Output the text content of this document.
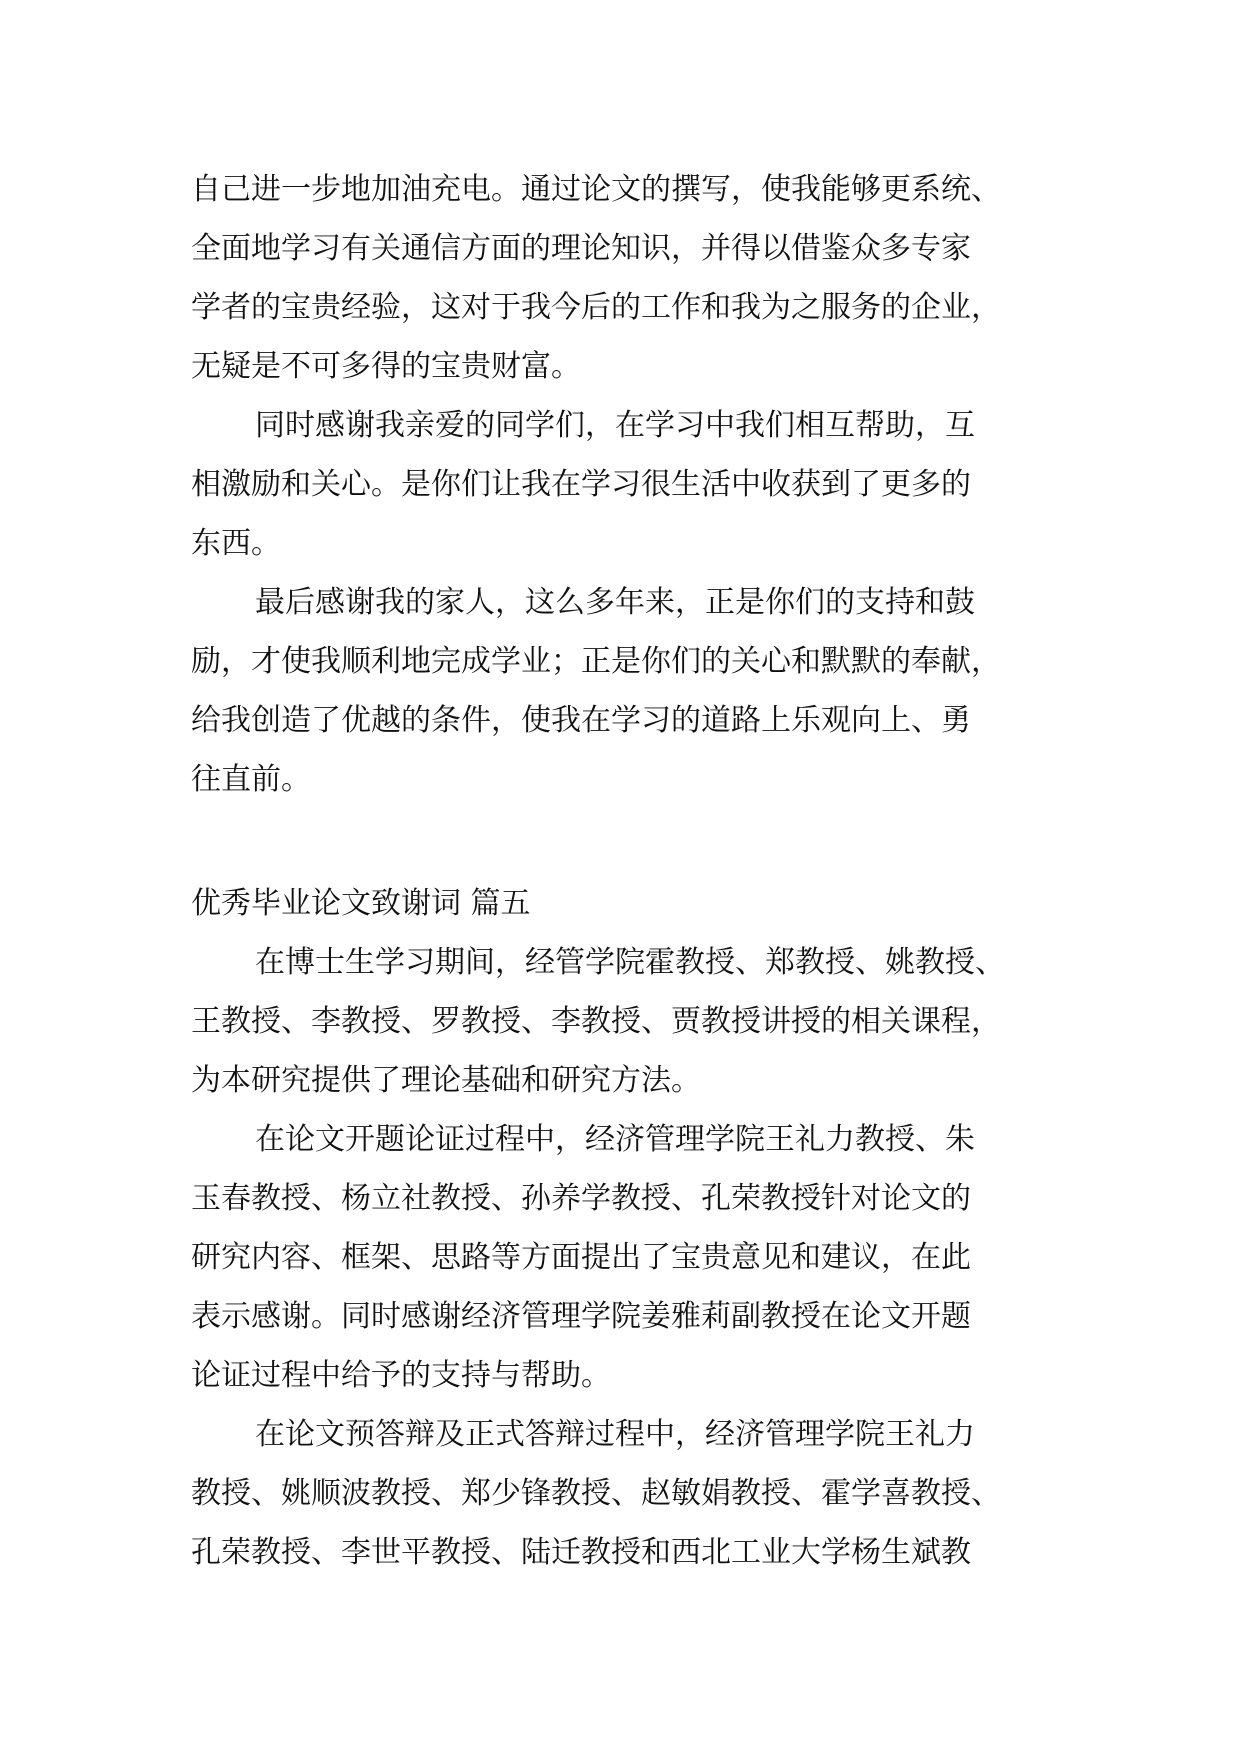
自己进一步地加油充电。通过论文的撰写，使我能够更系统、
全面地学习有关通信方面的理论知识，并得以借鉴众多专家
学者的宝贵经验，这对于我今后的工作和我为之服务的企业，
无疑是不可多得的宝贵财富。
同时感谢我亲爱的同学们，在学习中我们相互帮助，互
相激励和关心。是你们让我在学习很生活中收获到了更多的
东西。
最后感谢我的家人，这么多年来，正是你们的支持和鼓
励，才使我顺利地完成学业；正是你们的关心和默默的奉献，
给我创造了优越的条件，使我在学习的道路上乐观向上、勇
往直前。
优秀毕业论文致谢词 篇五
在博士生学习期间，经管学院霍教授、郑教授、姚教授、
王教授、李教授、罗教授、李教授、贾教授讲授的相关课程，
为本研究提供了理论基础和研究方法。
在论文开题论证过程中，经济管理学院王礼力教授、朱
玉春教授、杨立社教授、孙养学教授、孔荣教授针对论文的
研究内容、框架、思路等方面提出了宝贵意见和建议，在此
表示感谢。同时感谢经济管理学院姜雅莉副教授在论文开题
论证过程中给予的支持与帮助。
在论文预答辩及正式答辩过程中，经济管理学院王礼力
教授、姚顺波教授、郑少锋教授、赵敏娟教授、霍学喜教授、
孔荣教授、李世平教授、陆迁教授和西北工业大学杨生斌教
